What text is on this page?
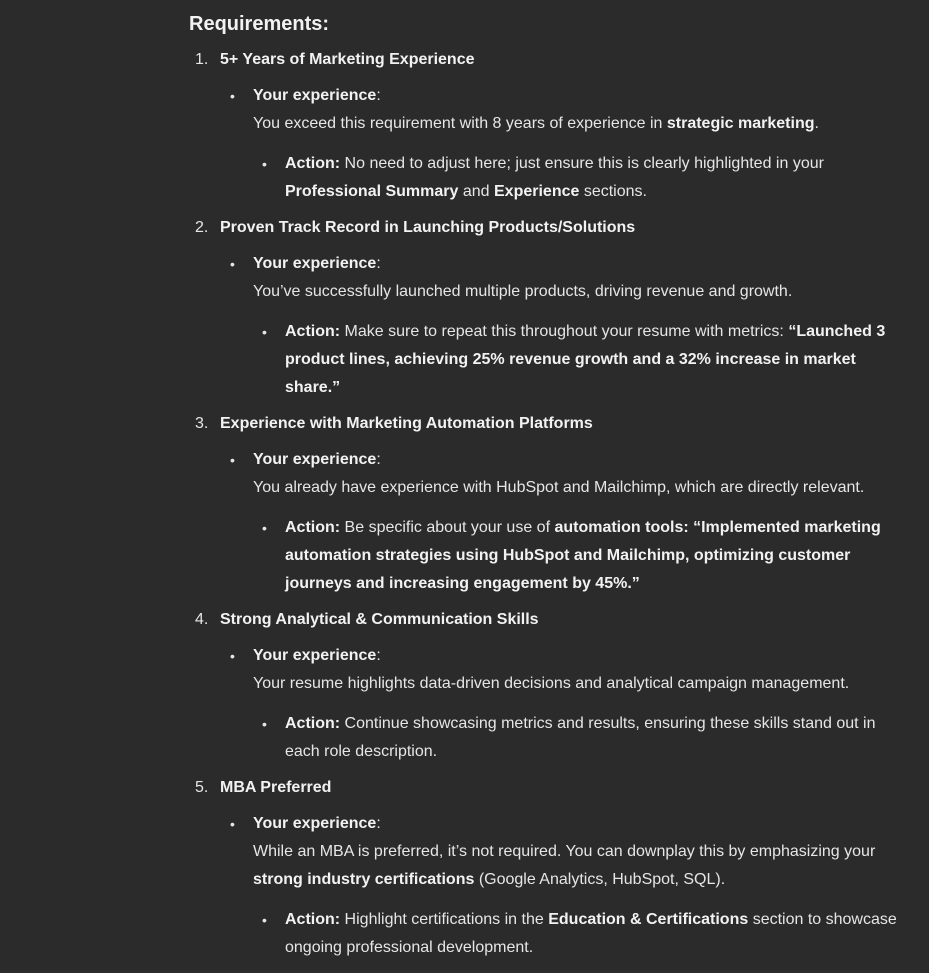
Requirements:
1. 5+ Years of Marketing Experience
•	Your experience:
You exceed this requirement with 8 years of experience in strategic marketing.
•	Action: No need to adjust here; just ensure this is clearly highlighted in your Professional Summary and Experience sections.
2. Proven Track Record in Launching Products/Solutions
•	Your experience:
You’ve successfully launched multiple products, driving revenue and growth.
•	Action: Make sure to repeat this throughout your resume with metrics: “Launched 3 product lines, achieving 25% revenue growth and a 32% increase in market share.”
3. Experience with Marketing Automation Platforms
•	Your experience:
You already have experience with HubSpot and Mailchimp, which are directly relevant.
•	Action: Be specific about your use of automation tools: “Implemented marketing automation strategies using HubSpot and Mailchimp, optimizing customer journeys and increasing engagement by 45%.”
4. Strong Analytical & Communication Skills
•	Your experience:
Your resume highlights data-driven decisions and analytical campaign management.
•	Action: Continue showcasing metrics and results, ensuring these skills stand out in each role description.
5. MBA Preferred
•	Your experience:
While an MBA is preferred, it’s not required. You can downplay this by emphasizing your strong industry certifications (Google Analytics, HubSpot, SQL).
•	Action: Highlight certifications in the Education & Certifications section to showcase ongoing professional development.
